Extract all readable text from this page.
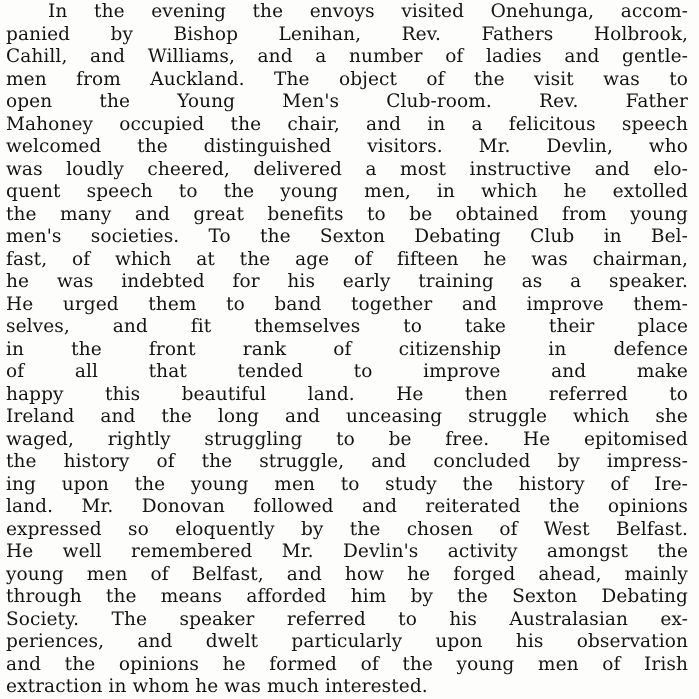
In the evening the envoys visited Onehunga, accom-
panied by Bishop Lenihan, Rev. Fathers Holbrook,
Cahill, and Williams, and a number of ladies and gentle-
men from Auckland. The object of the visit was to
open the Young Men's Club-room. Rev. Father
Mahoney occupied the chair, and in a felicitous speech
welcomed the distinguished visitors. Mr. Devlin, who
was loudly cheered, delivered a most instructive and elo-
quent speech to the young men, in which he extolled
the many and great benefits to be obtained from young
men's societies. To the Sexton Debating Club in Bel-
fast, of which at the age of fifteen he was chairman,
he was indebted for his early training as a speaker.
He urged them to band together and improve them-
selves, and fit themselves to take their place
in the front rank of citizenship in defence
of all that tended to improve and make
happy this beautiful land. He then referred to
Ireland and the long and unceasing struggle which she
waged, rightly struggling to be free. He epitomised
the history of the struggle, and concluded by impress-
ing upon the young men to study the history of Ire-
land. Mr. Donovan followed and reiterated the opinions
expressed so eloquently by the chosen of West Belfast.
He well remembered Mr. Devlin's activity amongst the
young men of Belfast, and how he forged ahead, mainly
through the means afforded him by the Sexton Debating
Society. The speaker referred to his Australasian ex-
periences, and dwelt particularly upon his observation
and the opinions he formed of the young men of Irish
extraction in whom he was much interested.
